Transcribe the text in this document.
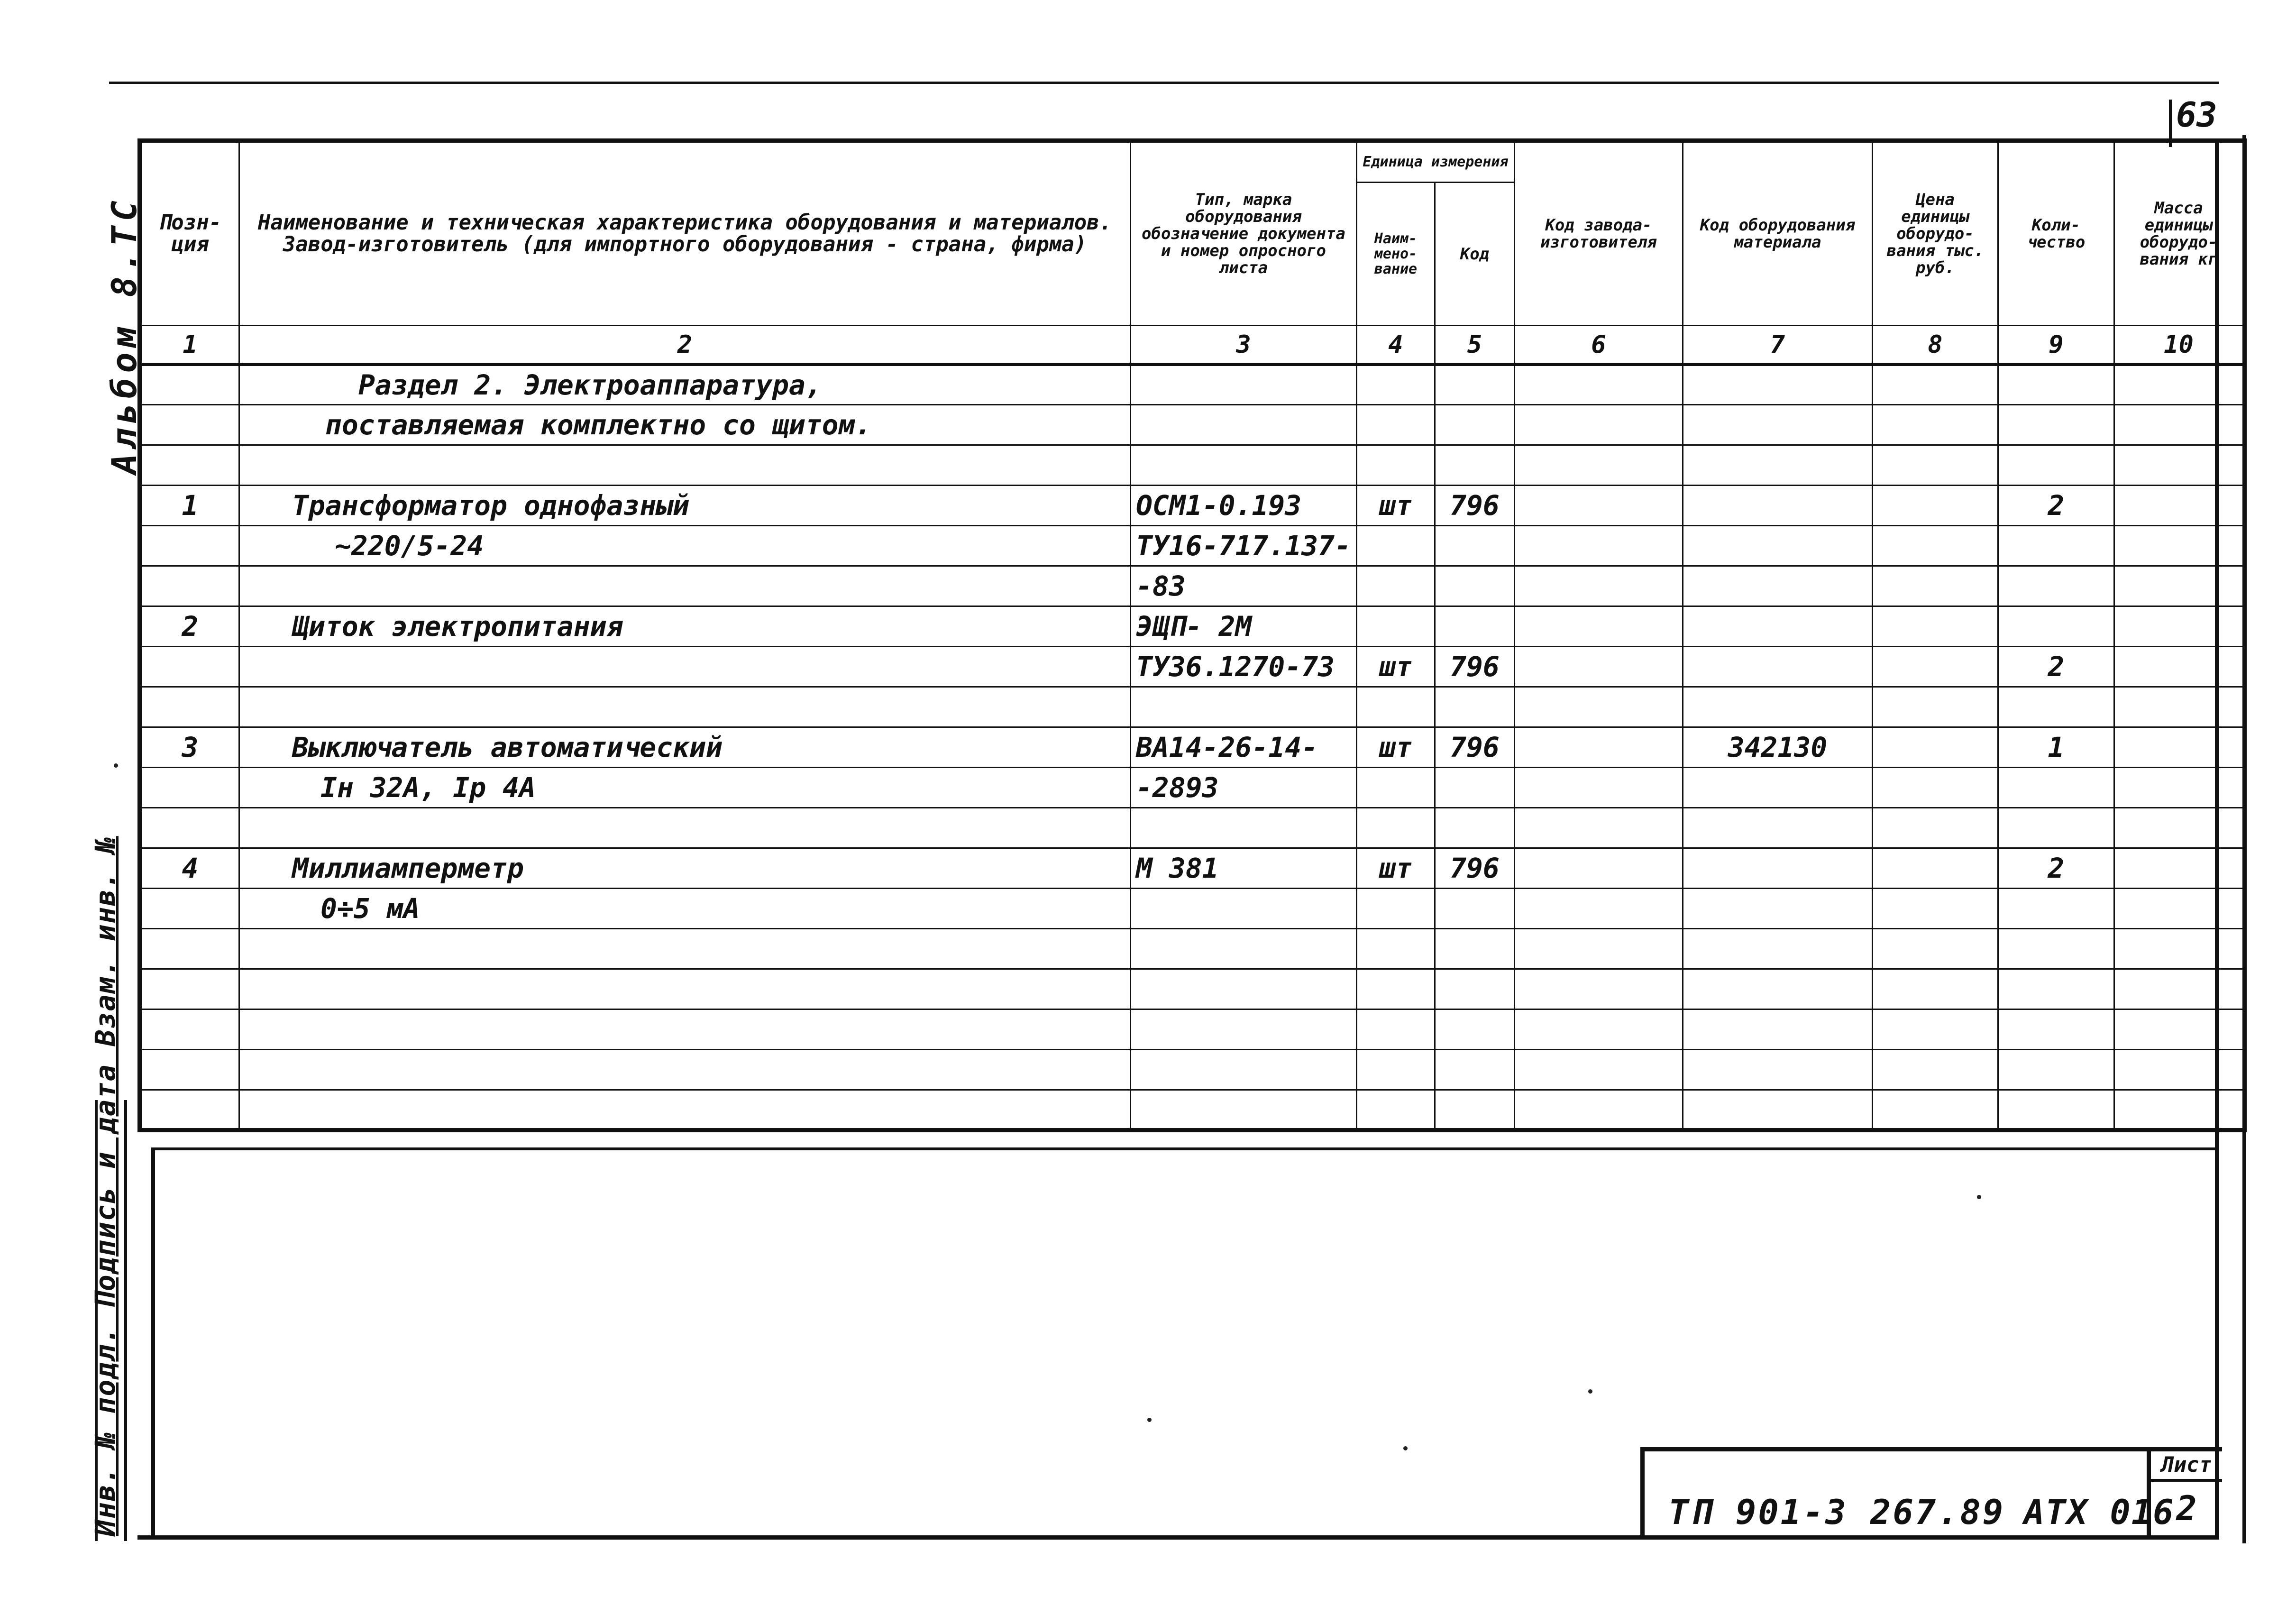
63
Альбом 8.ТС
Инв. № подл. Подпись и дата Взам. инв. №
Позн-ция	Наименование и техническая характеристика оборудования и материалов. Завод-изготовитель (для импортного оборудования - страна, фирма)	Тип, марка оборудования обозначение документа и номер опросного листа	Единица измерения		Код завода-изготовителя	Код оборудования материала	Цена единицы оборудо-вания тыс. руб.	Коли-чество	Масса единицы оборудо-вания кг
			Наим-мено-вание	Код					
1	2	3	4	5	6	7	8	9	10
	Раздел 2. Электроаппаратура,								
	поставляемая комплектно со щитом.								

1	Трансформатор однофазный	ОСМ1-0.193	шт	796				2	
	~220/5-24	ТУ16-717.137-							
		-83							
2	Щиток электропитания	ЭЩП- 2М							
		ТУ36.1270-73	шт	796				2	

3	Выключатель автоматический	ВА14-26-14-	шт	796		342130		1	
	Iн 32А, Iр 4А	-2893							

4	Миллиамперметр	М 381	шт	796				2	
	0÷5 мА								

ТП 901-3 267.89 АТХ 016
Лист
2
